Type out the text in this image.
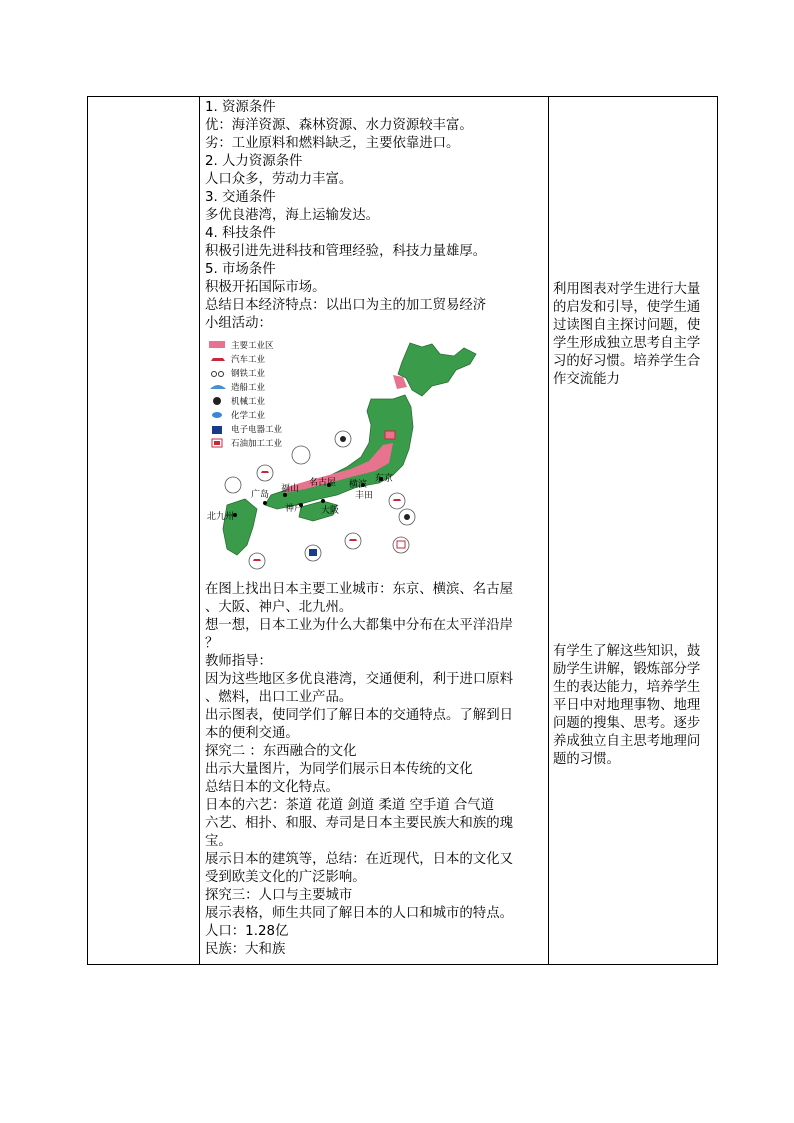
1. 资源条件
优：海洋资源、森林资源、水力资源较丰富。
劣：工业原料和燃料缺乏，主要依靠进口。
2. 人力资源条件
人口众多，劳动力丰富。
3. 交通条件
多优良港湾，海上运输发达。
4. 科技条件
积极引进先进科技和管理经验，科技力量雄厚。
5. 市场条件
积极开拓国际市场。
总结日本经济特点：以出口为主的加工贸易经济
小组活动：
主要工业区
汽车工业
钢铁工业
造船工业
机械工业
化学工业
电子电器工业
石油加工工业
北九州
广岛
福山
神户 大阪
名古屋 横滨
东京
丰田
在图上找出日本主要工业城市：东京、横滨、名古屋
、大阪、神户、北九州。
想一想，日本工业为什么大都集中分布在太平洋沿岸
？
教师指导：
因为这些地区多优良港湾，交通便利，利于进口原料
、燃料，出口工业产品。
出示图表，使同学们了解日本的交通特点。了解到日
本的便利交通。
探究二 ：东西融合的文化
出示大量图片，为同学们展示日本传统的文化
总结日本的文化特点。
日本的六艺：茶道 花道 剑道 柔道 空手道 合气道
六艺、相扑、和服、寿司是日本主要民族大和族的瑰
宝。
展示日本的建筑等，总结：在近现代，日本的文化又
受到欧美文化的广泛影响。
探究三：人口与主要城市
展示表格，师生共同了解日本的人口和城市的特点。
人口：1.28亿
民族：大和族
利用图表对学生进行大量
的启发和引导，使学生通
过读图自主探讨问题，使
学生形成独立思考自主学
习的好习惯。培养学生合
作交流能力
有学生了解这些知识，鼓
励学生讲解，锻炼部分学
生的表达能力，培养学生
平日中对地理事物、地理
问题的搜集、思考。逐步
养成独立自主思考地理问
题的习惯。
